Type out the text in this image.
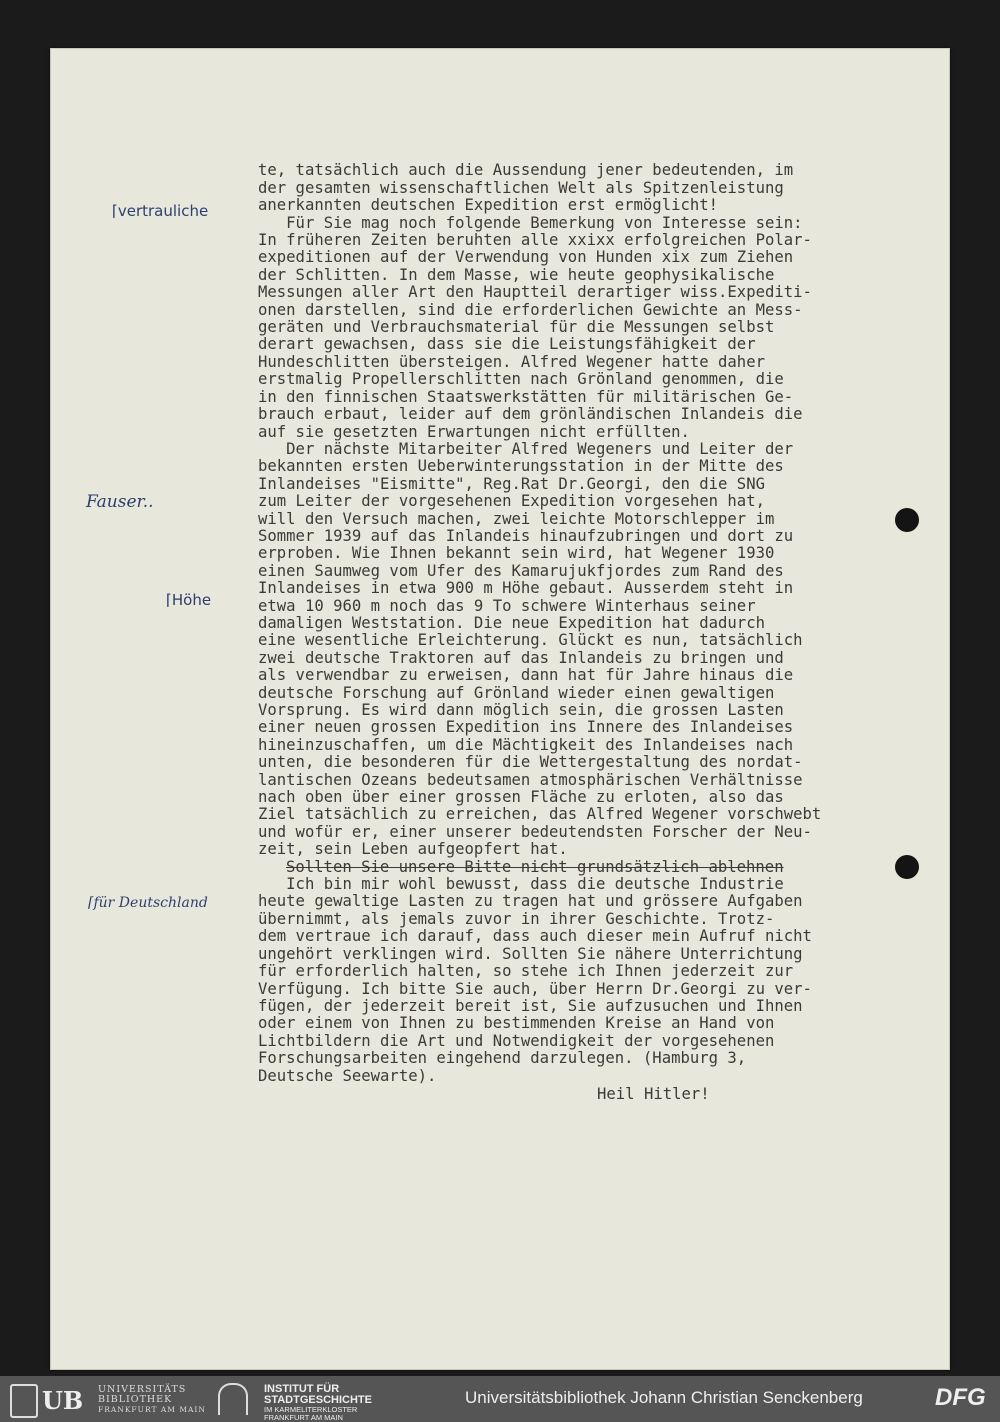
te, tatsächlich auch die Aussendung jener bedeutenden, im
der gesamten wissenschaftlichen Welt als Spitzenleistung
anerkannten deutschen Expedition erst ermöglicht!
Für Sie mag noch folgende Bemerkung von Interesse sein:
In früheren Zeiten beruhten alle xxixx erfolgreichen Polar-
expeditionen auf der Verwendung von Hunden xix zum Ziehen
der Schlitten. In dem Masse, wie heute geophysikalische
Messungen aller Art den Hauptteil derartiger wiss.Expediti-
onen darstellen, sind die erforderlichen Gewichte an Mess-
geräten und Verbrauchsmaterial für die Messungen selbst
derart gewachsen, dass sie die Leistungsfähigkeit der
Hundeschlitten übersteigen. Alfred Wegener hatte daher
erstmalig Propellerschlitten nach Grönland genommen, die
in den finnischen Staatswerkstätten für militärischen Ge-
brauch erbaut, leider auf dem grönländischen Inlandeis die
auf sie gesetzten Erwartungen nicht erfüllten.
Der nächste Mitarbeiter Alfred Wegeners und Leiter der
bekannten ersten Ueberwinterungsstation in der Mitte des
Inlandeises "Eismitte", Reg.Rat Dr.Georgi, den die SNG
zum Leiter der vorgesehenen Expedition vorgesehen hat,
will den Versuch machen, zwei leichte Motorschlepper im
Sommer 1939 auf das Inlandeis hinaufzubringen und dort zu
erproben. Wie Ihnen bekannt sein wird, hat Wegener 1930
einen Saumweg vom Ufer des Kamarujukfjordes zum Rand des
Inlandeises in etwa 900 m Höhe gebaut. Ausserdem steht in
etwa 10 960 m noch das 9 To schwere Winterhaus seiner
damaligen Weststation. Die neue Expedition hat dadurch
eine wesentliche Erleichterung. Glückt es nun, tatsächlich
zwei deutsche Traktoren auf das Inlandeis zu bringen und
als verwendbar zu erweisen, dann hat für Jahre hinaus die
deutsche Forschung auf Grönland wieder einen gewaltigen
Vorsprung. Es wird dann möglich sein, die grossen Lasten
einer neuen grossen Expedition ins Innere des Inlandeises
hineinzuschaffen, um die Mächtigkeit des Inlandeises nach
unten, die besonderen für die Wettergestaltung des nordat-
lantischen Ozeans bedeutsamen atmosphärischen Verhältnisse
nach oben über einer grossen Fläche zu erloten, also das
Ziel tatsächlich zu erreichen, das Alfred Wegener vorschwebt
und wofür er, einer unserer bedeutendsten Forscher der Neu-
zeit, sein Leben aufgeopfert hat.
Sollten Sie unsere Bitte nicht grundsätzlich ablehnen
Ich bin mir wohl bewusst, dass die deutsche Industrie
heute gewaltige Lasten zu tragen hat und grössere Aufgaben
übernimmt, als jemals zuvor in ihrer Geschichte. Trotz-
dem vertraue ich darauf, dass auch dieser mein Aufruf nicht
ungehört verklingen wird. Sollten Sie nähere Unterrichtung
für erforderlich halten, so stehe ich Ihnen jederzeit zur
Verfügung. Ich bitte Sie auch, über Herrn Dr.Georgi zu ver-
fügen, der jederzeit bereit ist, Sie aufzusuchen und Ihnen
oder einem von Ihnen zu bestimmenden Kreise an Hand von
Lichtbildern die Art und Notwendigkeit der vorgesehenen
Forschungsarbeiten eingehend darzulegen. (Hamburg 3,
Deutsche Seewarte).

Heil Hitler!
⌈vertrauliche
Fauser..
⌈Höhe
⌈für Deutschland
UB UNIVERSITÄTS
BIBLIOTHEK
FRANKFURT AM MAIN
INSTITUT FÜR
STADTGESCHICHTE
IM KARMELITERKLOSTER
FRANKFURT AM MAIN
Universitätsbibliothek Johann Christian Senckenberg	DFG
